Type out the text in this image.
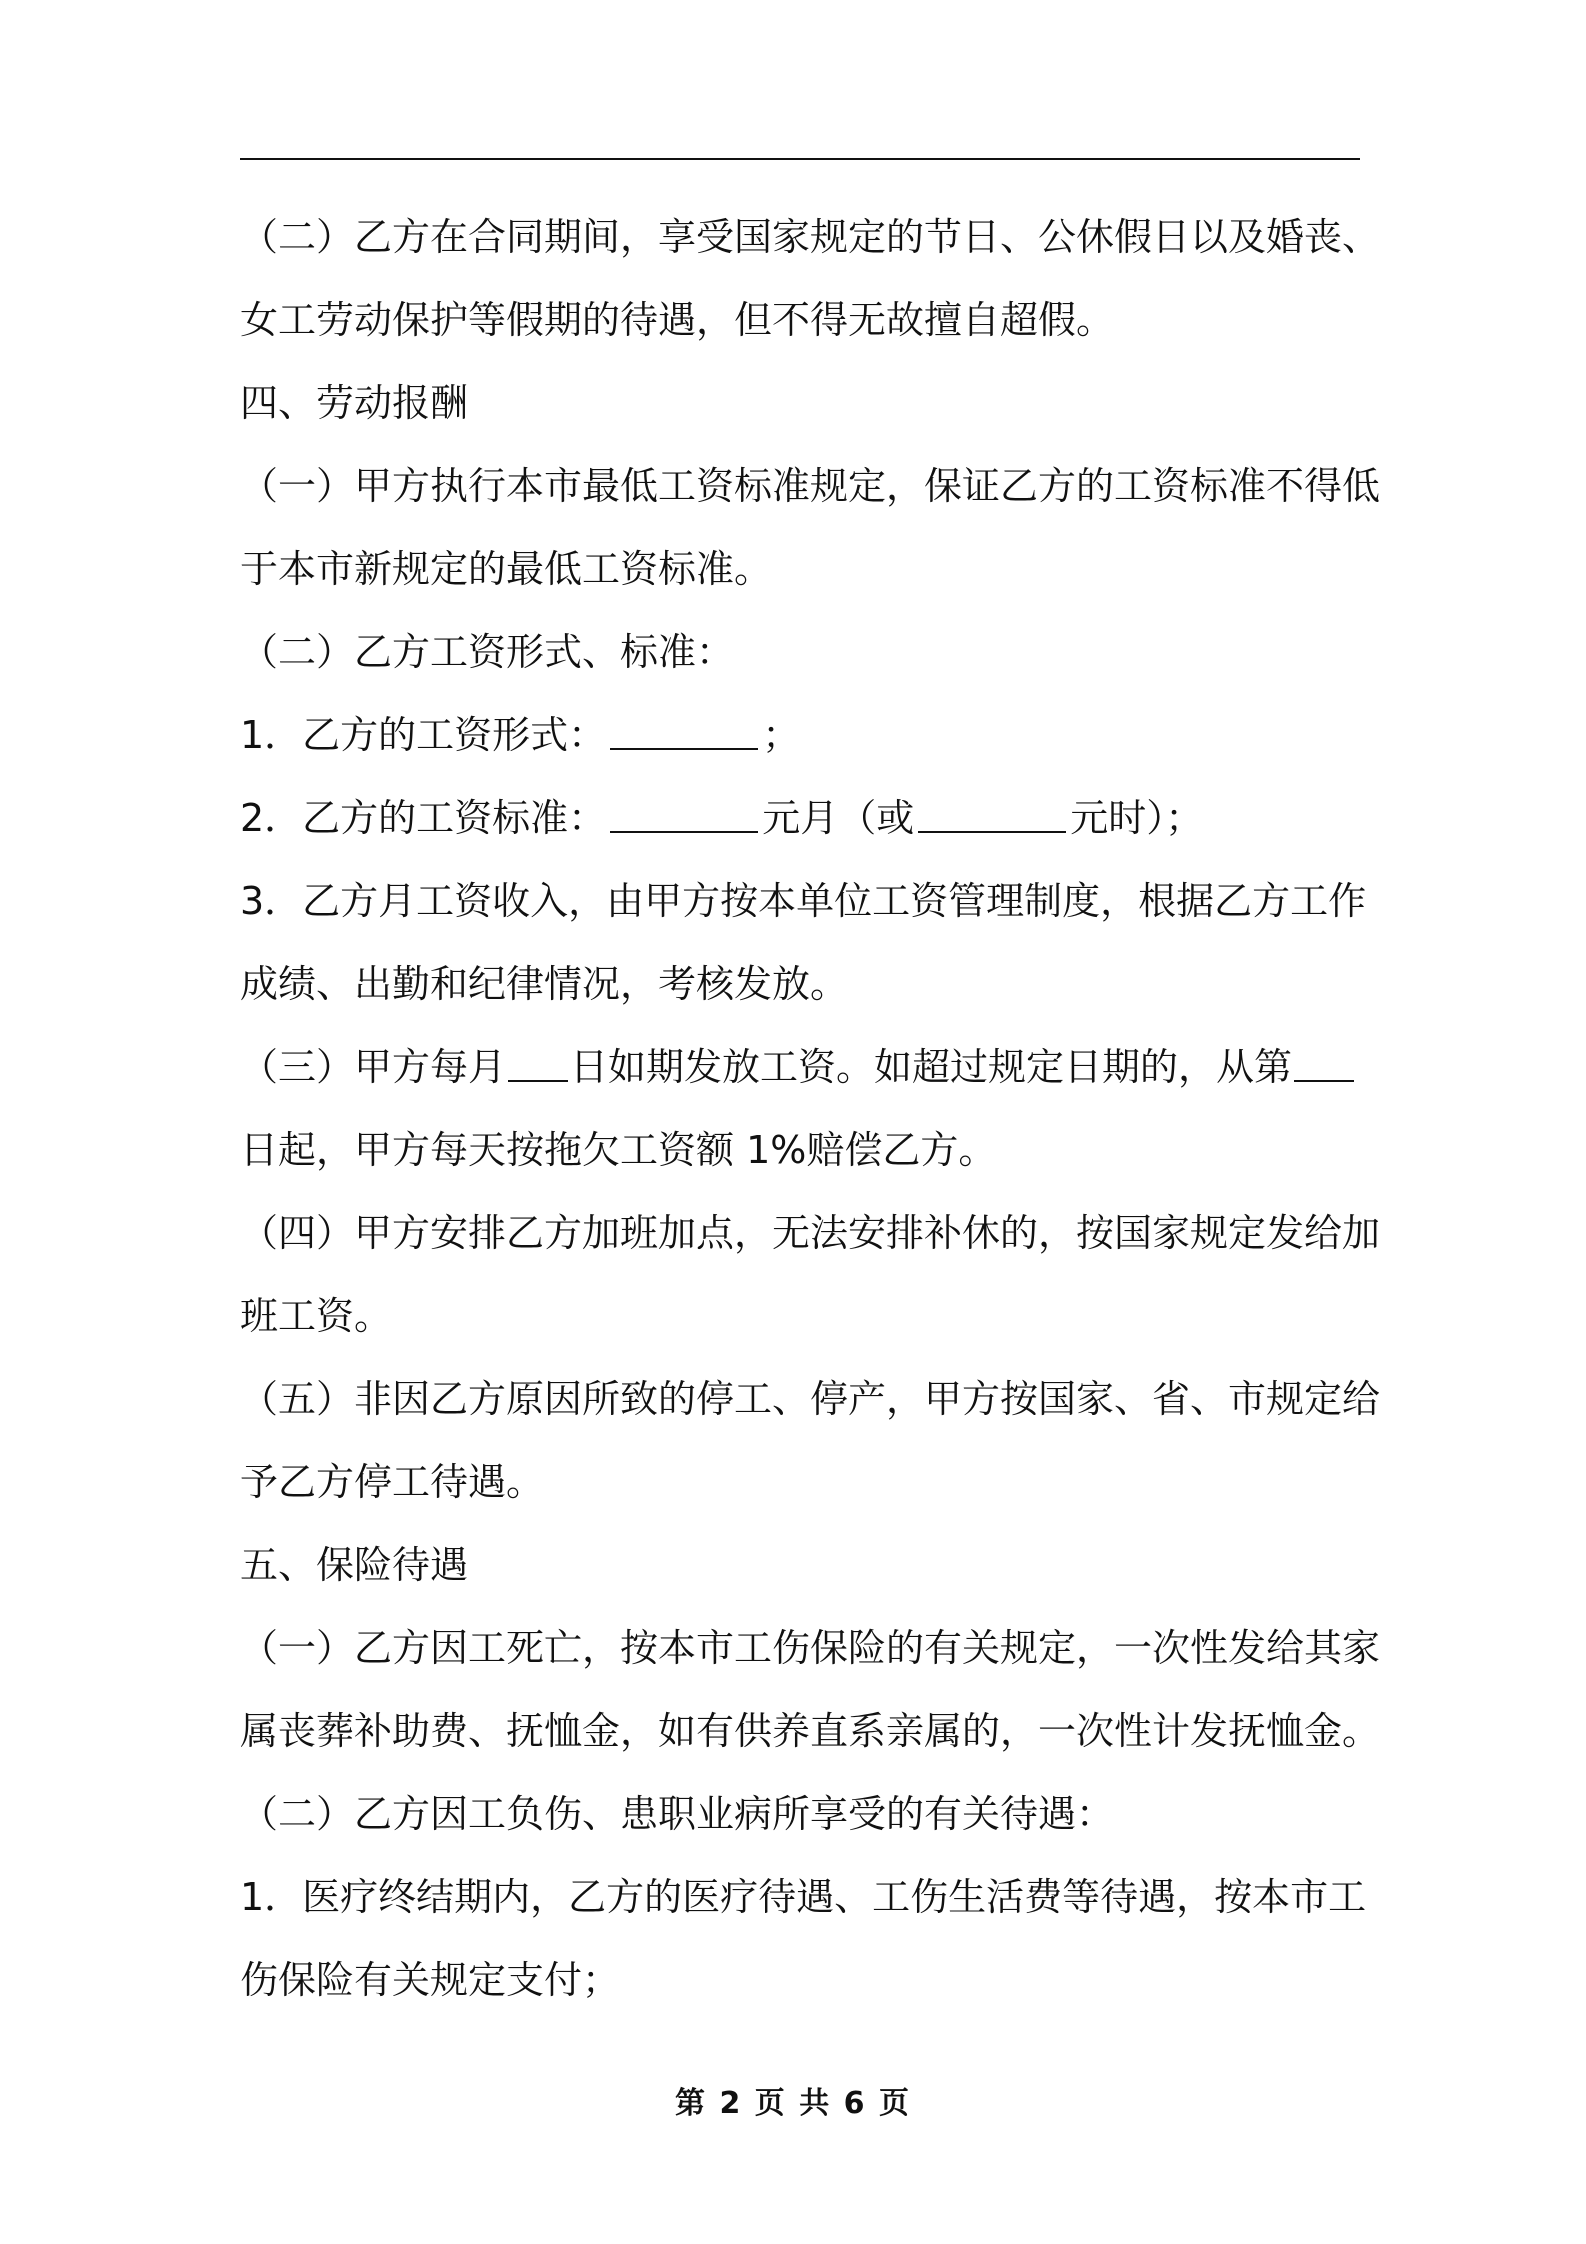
（二）乙方在合同期间，享受国家规定的节日、公休假日以及婚丧、
女工劳动保护等假期的待遇，但不得无故擅自超假。
四、劳动报酬
（一）甲方执行本市最低工资标准规定，保证乙方的工资标准不得低
于本市新规定的最低工资标准。
（二）乙方工资形式、标准：
1．乙方的工资形式：	；
2．乙方的工资标准：	元月（或	元时）；
3．乙方月工资收入，由甲方按本单位工资管理制度，根据乙方工作
成绩、出勤和纪律情况，考核发放。
（三）甲方每月 日如期发放工资。如超过规定日期的，从第
日起，甲方每天按拖欠工资额 1%赔偿乙方。
（四）甲方安排乙方加班加点，无法安排补休的，按国家规定发给加
班工资。
（五）非因乙方原因所致的停工、停产，甲方按国家、省、市规定给
予乙方停工待遇。
五、保险待遇
（一）乙方因工死亡，按本市工伤保险的有关规定，一次性发给其家
属丧葬补助费、抚恤金，如有供养直系亲属的，一次性计发抚恤金。
（二）乙方因工负伤、患职业病所享受的有关待遇：
1．医疗终结期内，乙方的医疗待遇、工伤生活费等待遇，按本市工
伤保险有关规定支付；
第 2 页 共 6 页
